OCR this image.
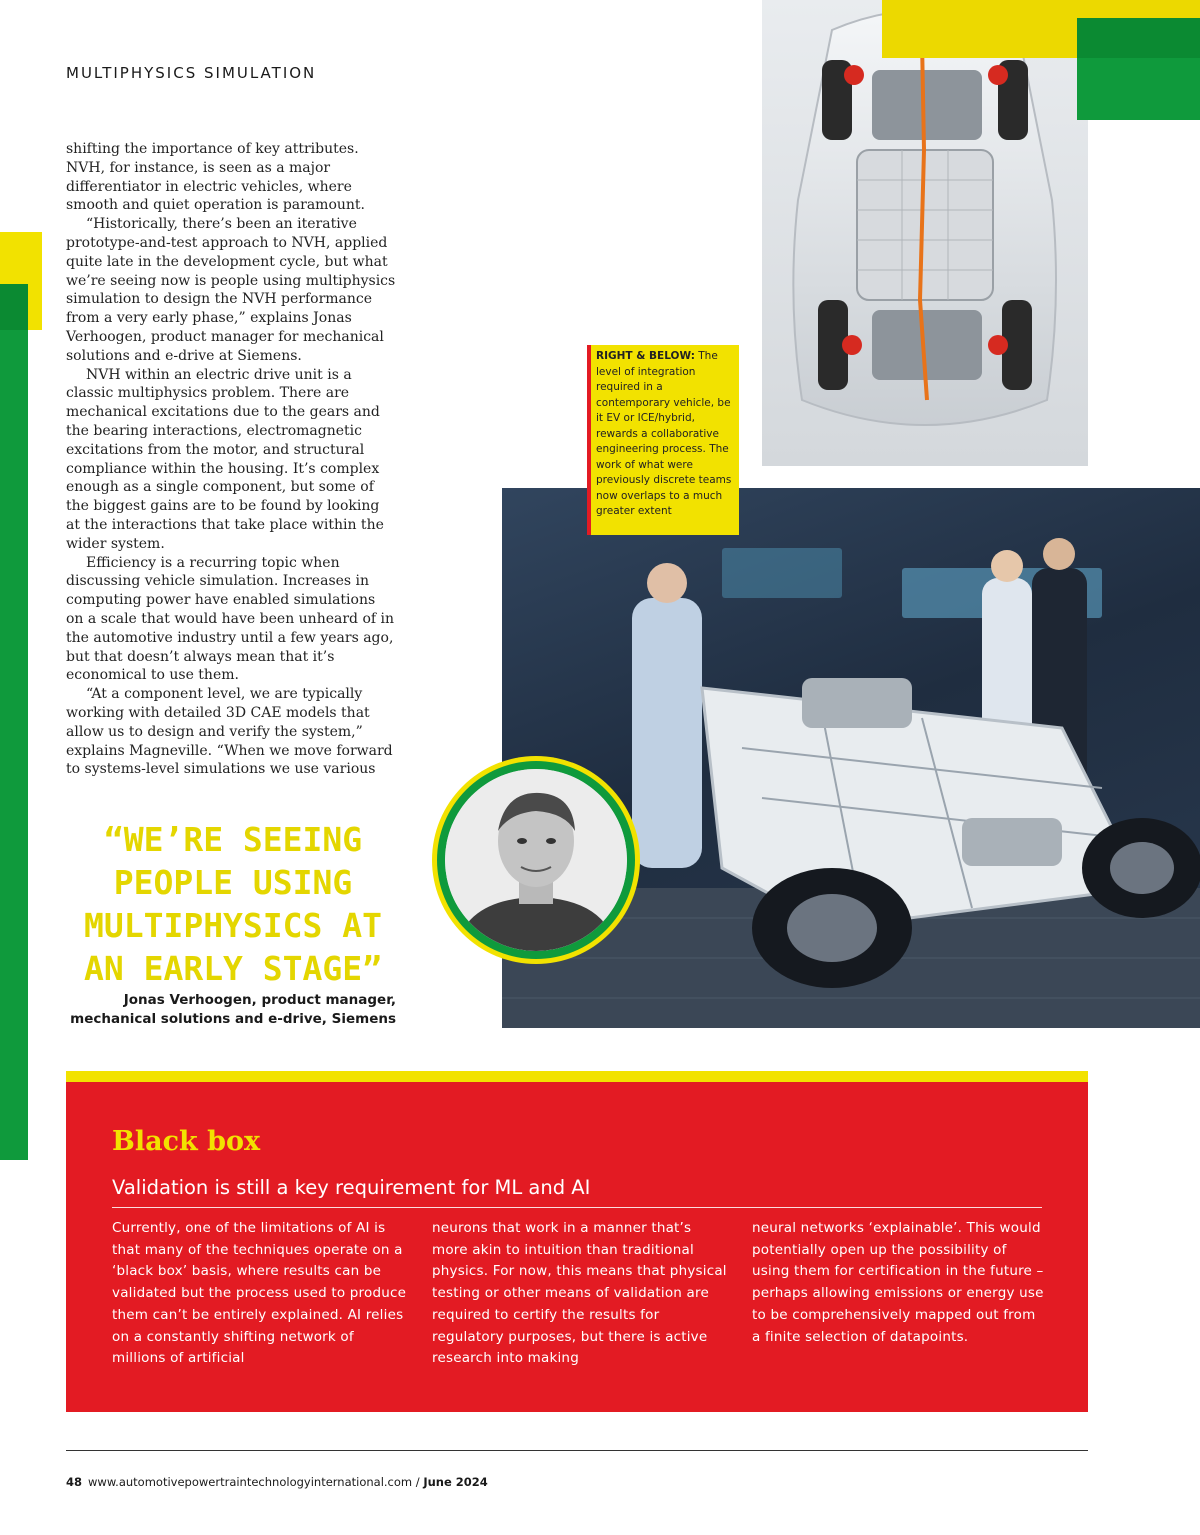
MULTIPHYSICS SIMULATION

shifting the importance of key attributes. NVH, for instance, is seen as a major differentiator in electric vehicles, where smooth and quiet operation is paramount.

“Historically, there’s been an iterative prototype-and-test approach to NVH, applied quite late in the development cycle, but what we’re seeing now is people using multiphysics simulation to design the NVH performance from a very early phase,” explains Jonas Verhoogen, product manager for mechanical solutions and e-drive at Siemens.

NVH within an electric drive unit is a classic multiphysics problem. There are mechanical excitations due to the gears and the bearing interactions, electromagnetic excitations from the motor, and structural compliance within the housing. It’s complex enough as a single component, but some of the biggest gains are to be found by looking at the interactions that take place within the wider system.

Efficiency is a recurring topic when discussing vehicle simulation. Increases in computing power have enabled simulations on a scale that would have been unheard of in the automotive industry until a few years ago, but that doesn’t always mean that it’s economical to use them.

“At a component level, we are typically working with detailed 3D CAE models that allow us to design and verify the system,” explains Magneville. “When we move forward to systems-level simulations we use various

RIGHT & BELOW: The level of integration required in a contemporary vehicle, be it EV or ICE/hybrid, rewards a collaborative engineering process. The work of what were previously discrete teams now overlaps to a much greater extent
“WE’RE SEEING PEOPLE USING MULTIPHYSICS AT AN EARLY STAGE”
Jonas Verhoogen, product manager,
mechanical solutions and e-drive, Siemens
Black box
Validation is still a key requirement for ML and AI
Currently, one of the limitations of AI is that many of the techniques operate on a ‘black box’ basis, where results can be validated but the process used to produce them can’t be entirely explained. AI relies on a constantly shifting network of millions of artificial
neurons that work in a manner that’s more akin to intuition than traditional physics. For now, this means that physical testing or other means of validation are required to certify the results for regulatory purposes, but there is active research into making
neural networks ‘explainable’. This would potentially open up the possibility of using them for certification in the future – perhaps allowing emissions or energy use to be comprehensively mapped out from a finite selection of datapoints.
48 www.automotivepowertraintechnologyinternational.com / June 2024
